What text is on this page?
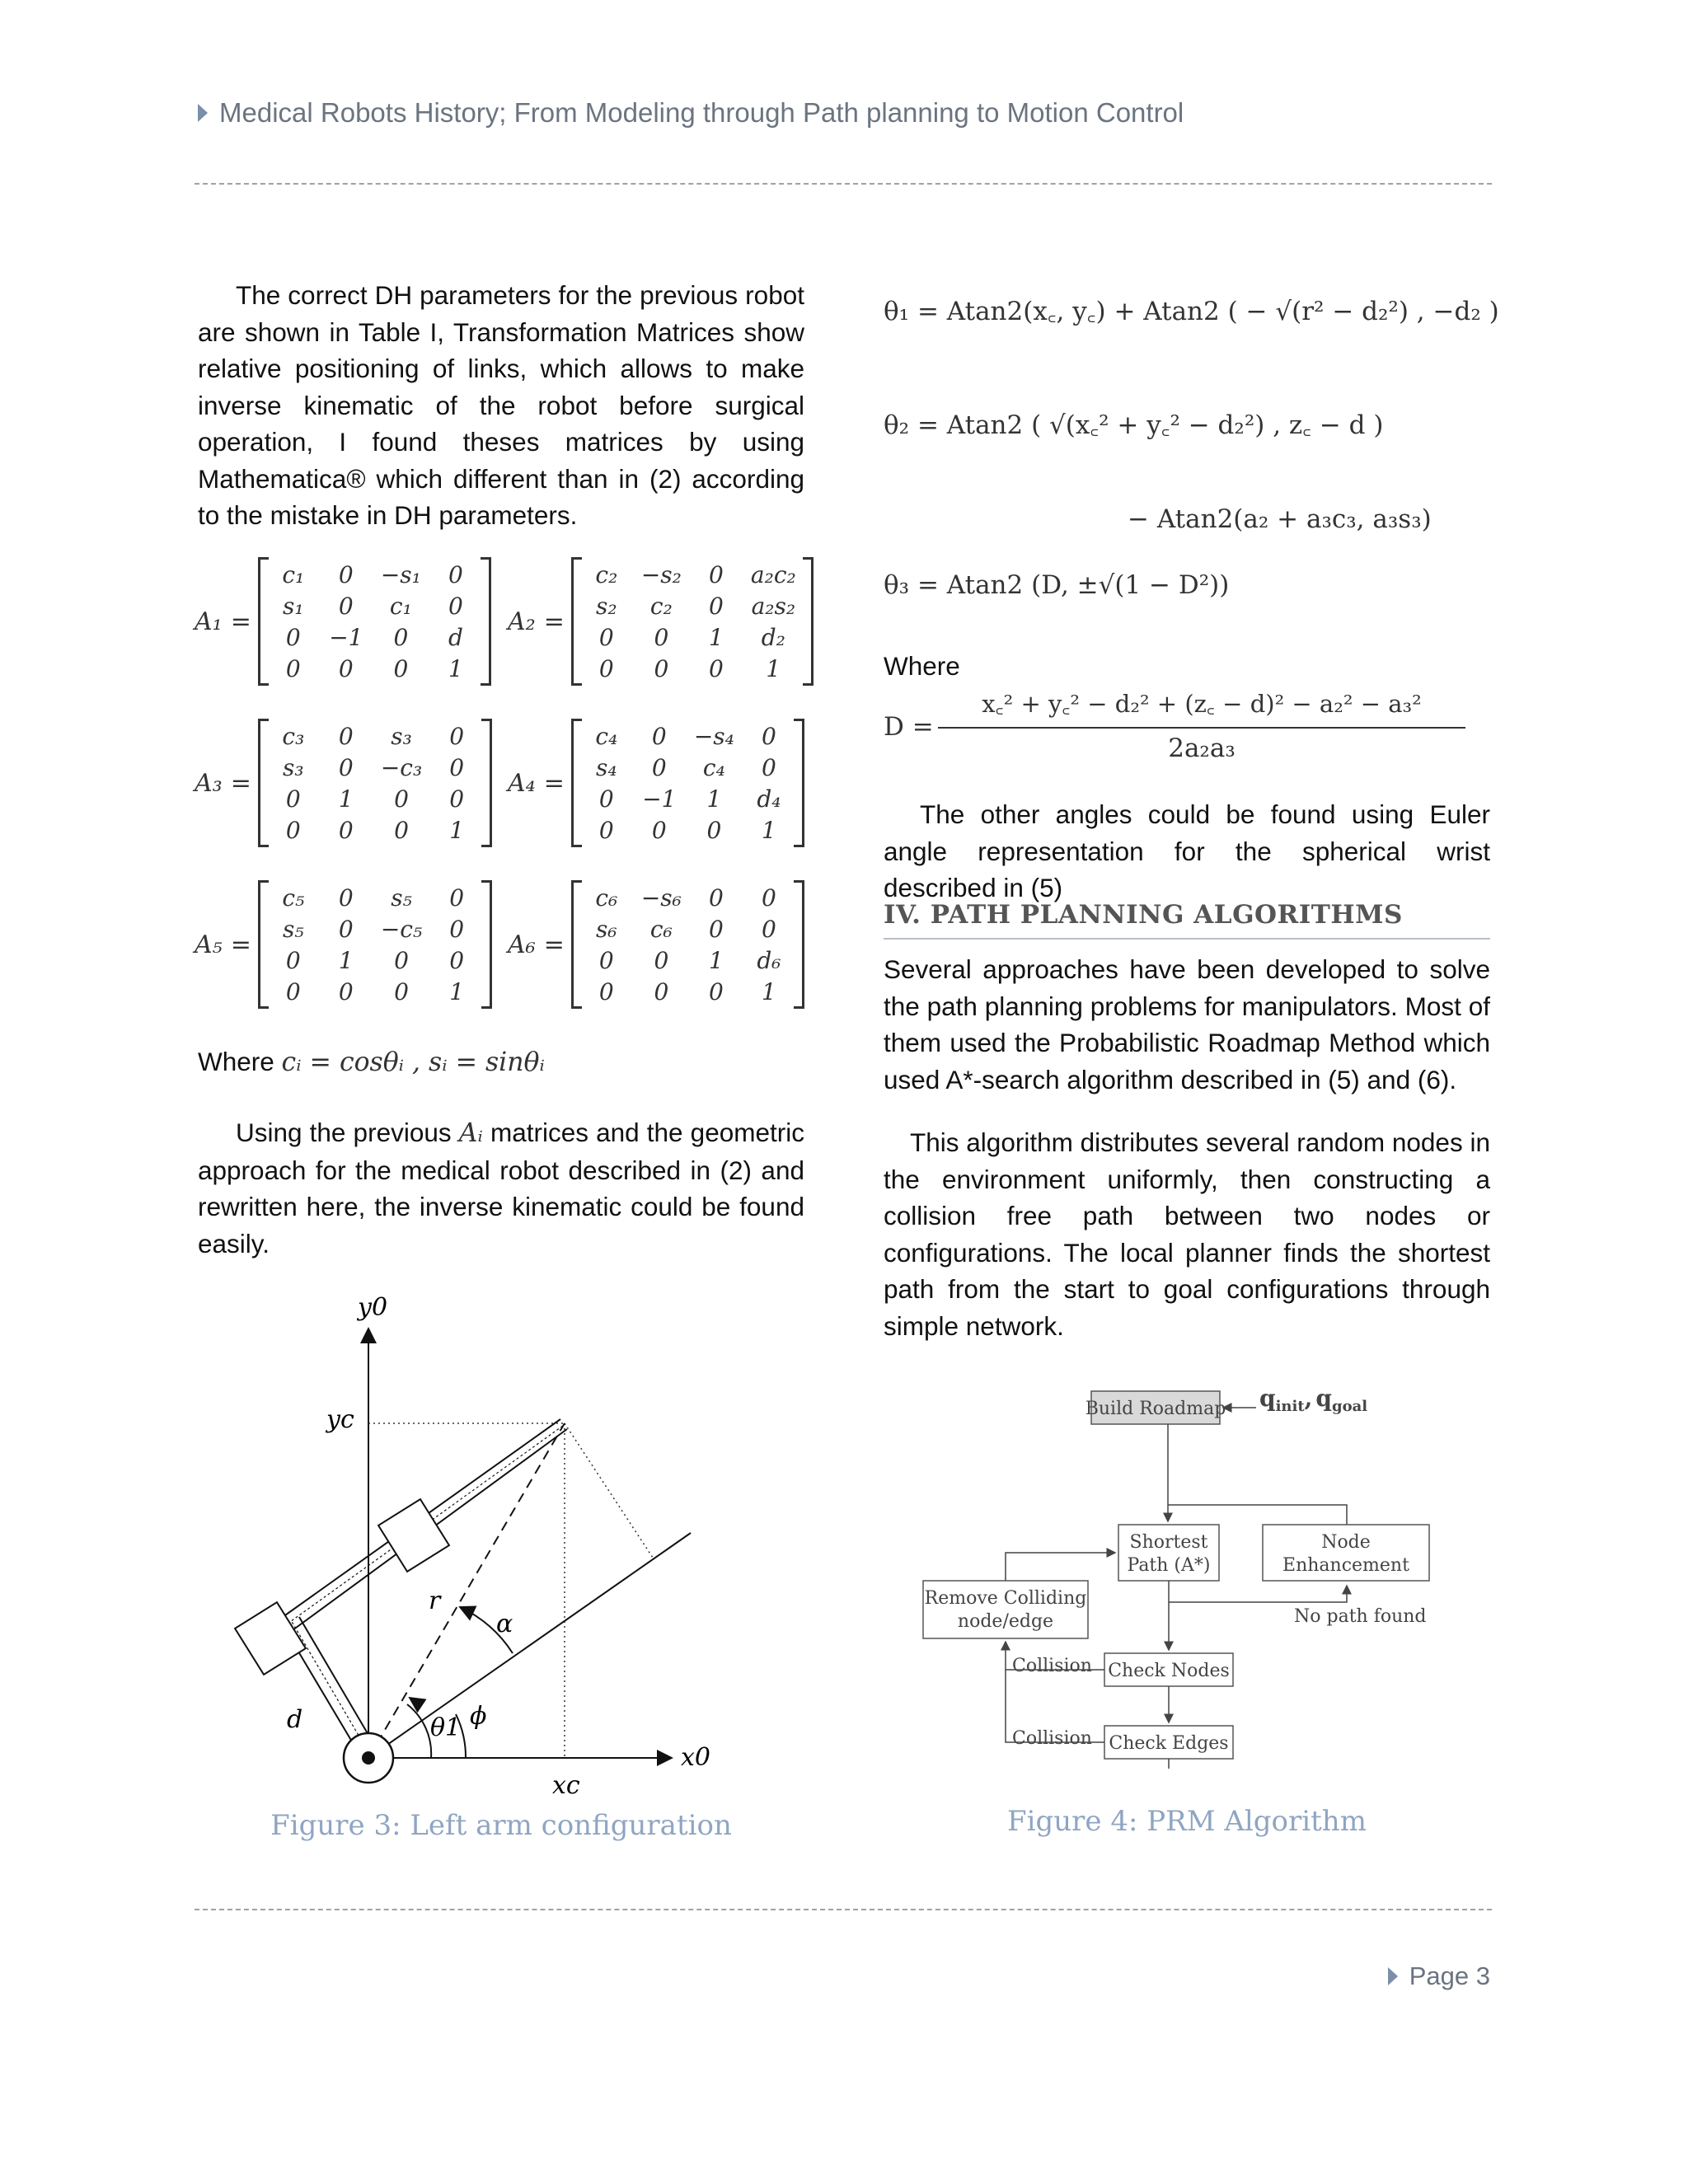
Medical Robots History; From Modeling through Path planning to Motion Control
The correct DH parameters for the previous robot are shown in Table I, Transformation Matrices show relative positioning of links, which allows to make inverse kinematic of the robot before surgical operation, I found theses matrices by using Mathematica® which different than in (2) according to the mistake in DH parameters.
A₁ =
c₁	0	−s₁	0
s₁	0	c₁	0
0	−1	0	d
0	0	0	1
A₂ =
c₂	−s₂	0	a₂c₂
s₂	c₂	0	a₂s₂
0	0	1	d₂
0	0	0	1
A₃ =
c₃	0	s₃	0
s₃	0	−c₃	0
0	1	0	0
0	0	0	1
A₄ =
c₄	0	−s₄	0
s₄	0	c₄	0
0	−1	1	d₄
0	0	0	1
A₅ =
c₅	0	s₅	0
s₅	0	−c₅	0
0	1	0	0
0	0	0	1
A₆ =
c₆	−s₆	0	0
s₆	c₆	0	0
0	0	1	d₆
0	0	0	1
Where cᵢ = cosθᵢ , sᵢ = sinθᵢ
Using the previous Aᵢ matrices and the geometric approach for the medical robot described in (2) and rewritten here, the inverse kinematic could be found easily.
y0
yc
x0
xc
r
α
θ1 ϕ
d
Figure 3: Left arm configuration
θ₁ = Atan2(x꜀, y꜀) + Atan2 ( − √(r² − d₂²) , −d₂ )
θ₂ = Atan2 ( √(x꜀² + y꜀² − d₂²) , z꜀ − d )
− Atan2(a₂ + a₃c₃, a₃s₃)
θ₃ = Atan2 (D, ±√(1 − D²))
Where
D =
x꜀² + y꜀² − d₂² + (z꜀ − d)² − a₂² − a₃²
2a₂a₃
The other angles could be found using Euler angle representation for the spherical wrist described in (5)
IV. PATH PLANNING ALGORITHMS
Several approaches have been developed to solve the path planning problems for manipulators. Most of them used the Probabilistic Roadmap Method which used A*-search algorithm described in (5) and (6).
This algorithm distributes several random nodes in the environment uniformly, then constructing a collision free path between two nodes or configurations. The local planner finds the shortest path from the start to goal configurations through simple network.
$q_{init}$, $q_{goal}$
Build Roadmap
Shortest
Path (A*)
Node
Enhancement
Remove Colliding
node/edge	No path found
Check Nodes
Check Edges
Collision
Collision
Figure 4: PRM Algorithm
Page 3
